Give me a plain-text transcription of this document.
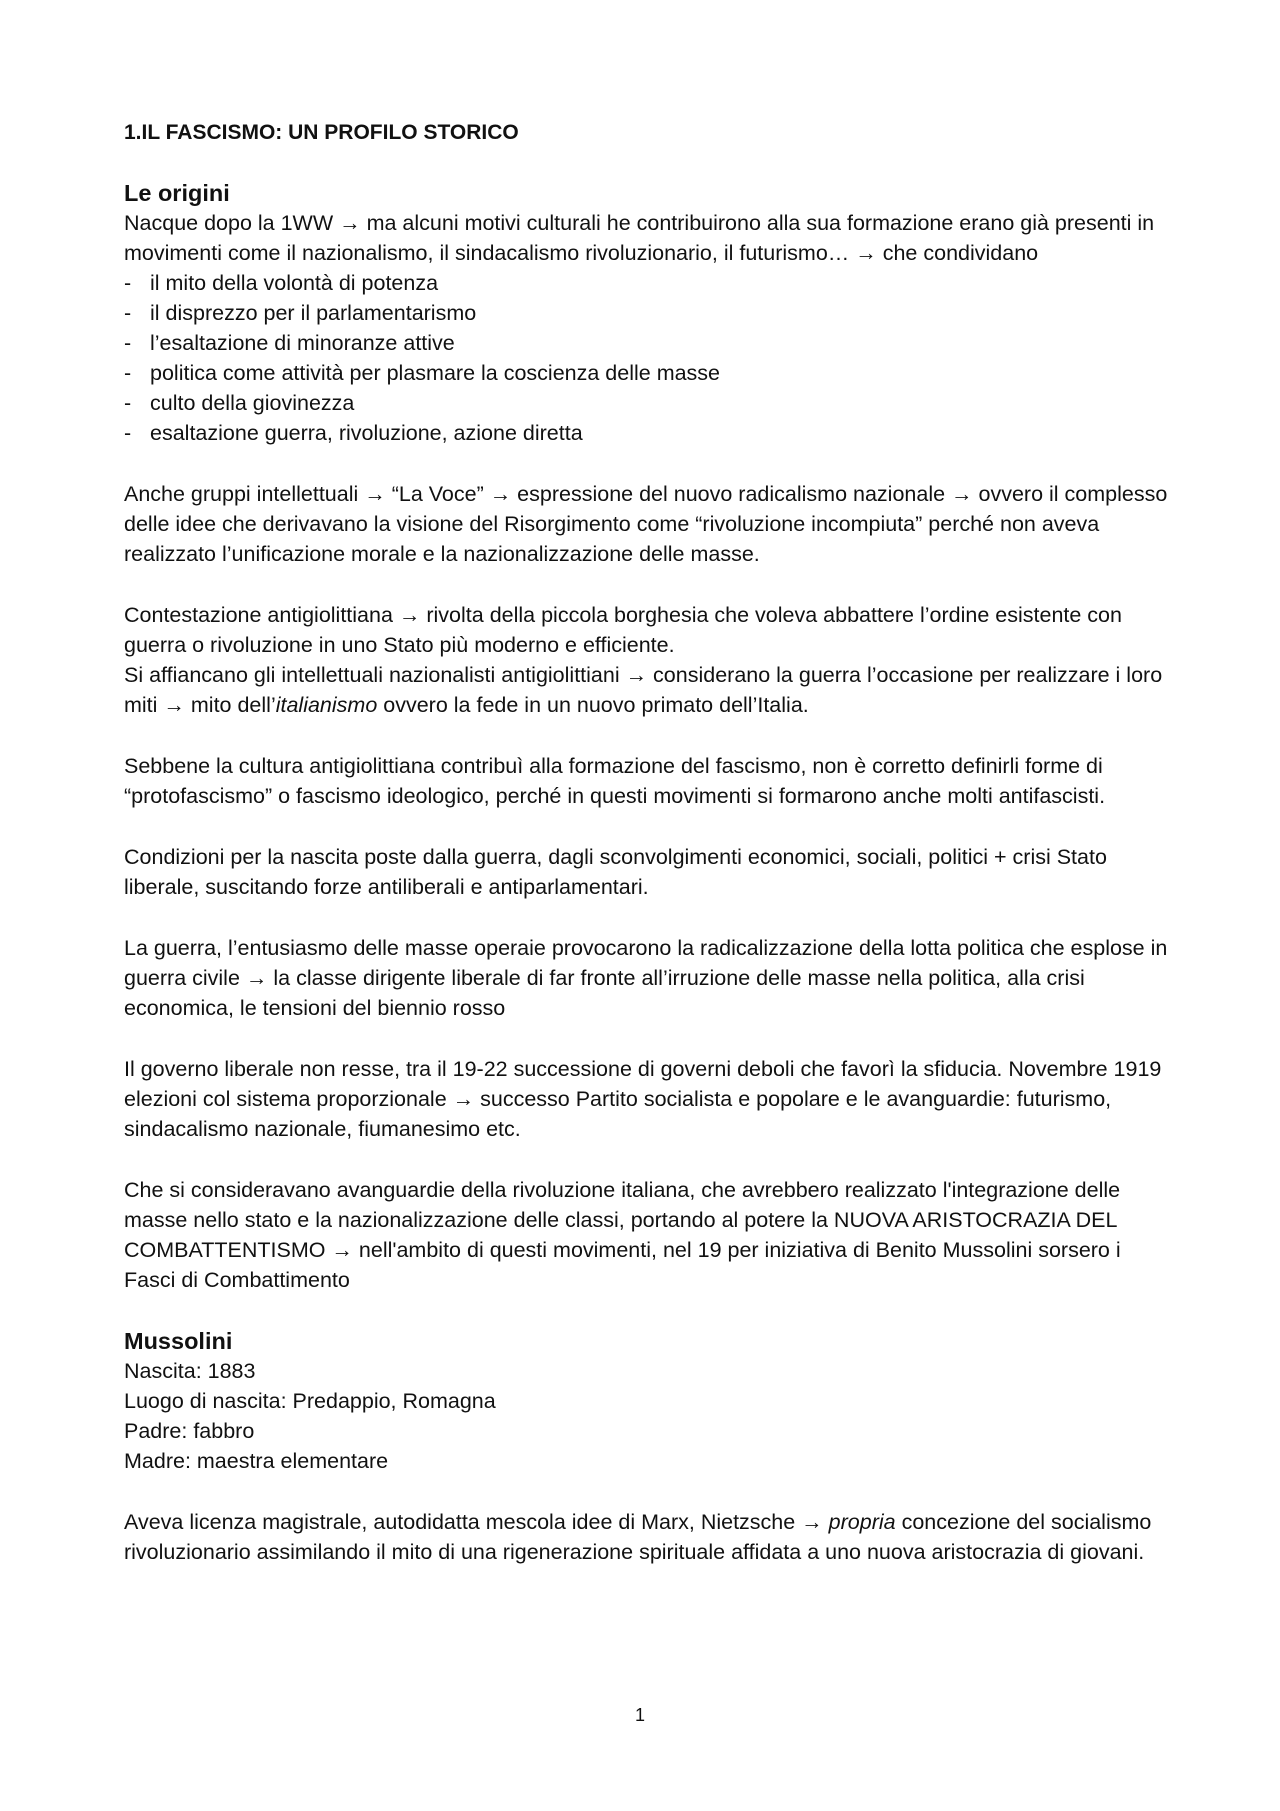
1.IL FASCISMO: UN PROFILO STORICO
Le origini

Nacque dopo la 1WW → ma alcuni motivi culturali he contribuirono alla sua formazione erano già presenti in movimenti come il nazionalismo, il sindacalismo rivoluzionario, il futurismo… → che condividano

- il mito della volontà di potenza
- il disprezzo per il parlamentarismo
- l’esaltazione di minoranze attive
- politica come attività per plasmare la coscienza delle masse
- culto della giovinezza
- esaltazione guerra, rivoluzione, azione diretta

Anche gruppi intellettuali → “La Voce” → espressione del nuovo radicalismo nazionale → ovvero il complesso delle idee che derivavano la visione del Risorgimento come “rivoluzione incompiuta” perché non aveva realizzato l’unificazione morale e la nazionalizzazione delle masse.

Contestazione antigiolittiana → rivolta della piccola borghesia che voleva abbattere l’ordine esistente con guerra o rivoluzione in uno Stato più moderno e efficiente.

Si affiancano gli intellettuali nazionalisti antigiolittiani → considerano la guerra l’occasione per realizzare i loro miti → mito dell’italianismo ovvero la fede in un nuovo primato dell’Italia.

Sebbene la cultura antigiolittiana contribuì alla formazione del fascismo, non è corretto definirli forme di “protofascismo” o fascismo ideologico, perché in questi movimenti si formarono anche molti antifascisti.

Condizioni per la nascita poste dalla guerra, dagli sconvolgimenti economici, sociali, politici + crisi Stato liberale, suscitando forze antiliberali e antiparlamentari.

La guerra, l’entusiasmo delle masse operaie provocarono la radicalizzazione della lotta politica che esplose in guerra civile → la classe dirigente liberale di far fronte all’irruzione delle masse nella politica, alla crisi economica, le tensioni del biennio rosso

Il governo liberale non resse, tra il 19-22 successione di governi deboli che favorì la sfiducia. Novembre 1919 elezioni col sistema proporzionale → successo Partito socialista e popolare e le avanguardie: futurismo, sindacalismo nazionale, fiumanesimo etc.

Che si consideravano avanguardie della rivoluzione italiana, che avrebbero realizzato l'integrazione delle masse nello stato e la nazionalizzazione delle classi, portando al potere la NUOVA ARISTOCRAZIA DEL COMBATTENTISMO → nell'ambito di questi movimenti, nel 19 per iniziativa di Benito Mussolini sorsero i Fasci di Combattimento

Mussolini
Nascita: 1883
Luogo di nascita: Predappio, Romagna
Padre: fabbro
Madre: maestra elementare

Aveva licenza magistrale, autodidatta mescola idee di Marx, Nietzsche → propria concezione del socialismo rivoluzionario assimilando il mito di una rigenerazione spirituale affidata a uno nuova aristocrazia di giovani.

1
